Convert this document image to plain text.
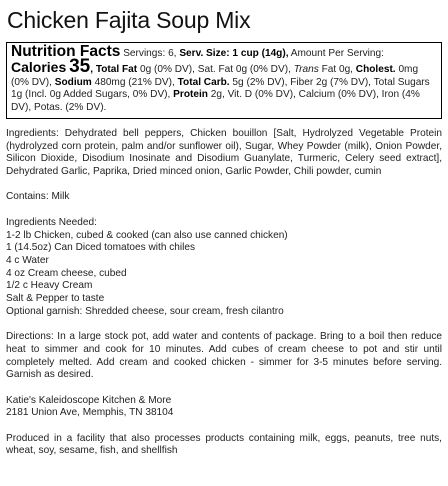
Chicken Fajita Soup Mix
Nutrition Facts Servings: 6, Serv. Size: 1 cup (14g), Amount Per Serving: Calories 35, Total Fat 0g (0% DV), Sat. Fat 0g (0% DV), Trans Fat 0g, Cholest. 0mg (0% DV), Sodium 480mg (21% DV), Total Carb. 5g (2% DV), Fiber 2g (7% DV), Total Sugars 1g (Incl. 0g Added Sugars, 0% DV), Protein 2g, Vit. D (0% DV), Calcium (0% DV), Iron (4% DV), Potas. (2% DV).

Ingredients: Dehydrated bell peppers, Chicken bouillon [Salt, Hydrolyzed Vegetable Protein (hydrolyzed corn protein, palm and/or sunflower oil), Sugar, Whey Powder (milk), Onion Powder, Silicon Dioxide, Disodium Inosinate and Disodium Guanylate, Turmeric, Celery seed extract], Dehydrated Garlic, Paprika, Dried minced onion, Garlic Powder, Chili powder, cumin

Contains: Milk

Ingredients Needed:
1-2 lb Chicken, cubed & cooked (can also use canned chicken)
1 (14.5oz) Can Diced tomatoes with chiles
4 c Water
4 oz Cream cheese, cubed
1/2 c Heavy Cream
Salt & Pepper to taste
Optional garnish: Shredded cheese, sour cream, fresh cilantro

Directions: In a large stock pot, add water and contents of package. Bring to a boil then reduce heat to simmer and cook for 10 minutes. Add cubes of cream cheese to pot and stir until completely melted. Add cream and cooked chicken - simmer for 3-5 minutes before serving. Garnish as desired.

Katie's Kaleidoscope Kitchen & More
2181 Union Ave, Memphis, TN 38104

Produced in a facility that also processes products containing milk, eggs, peanuts, tree nuts, wheat, soy, sesame, fish, and shellfish
